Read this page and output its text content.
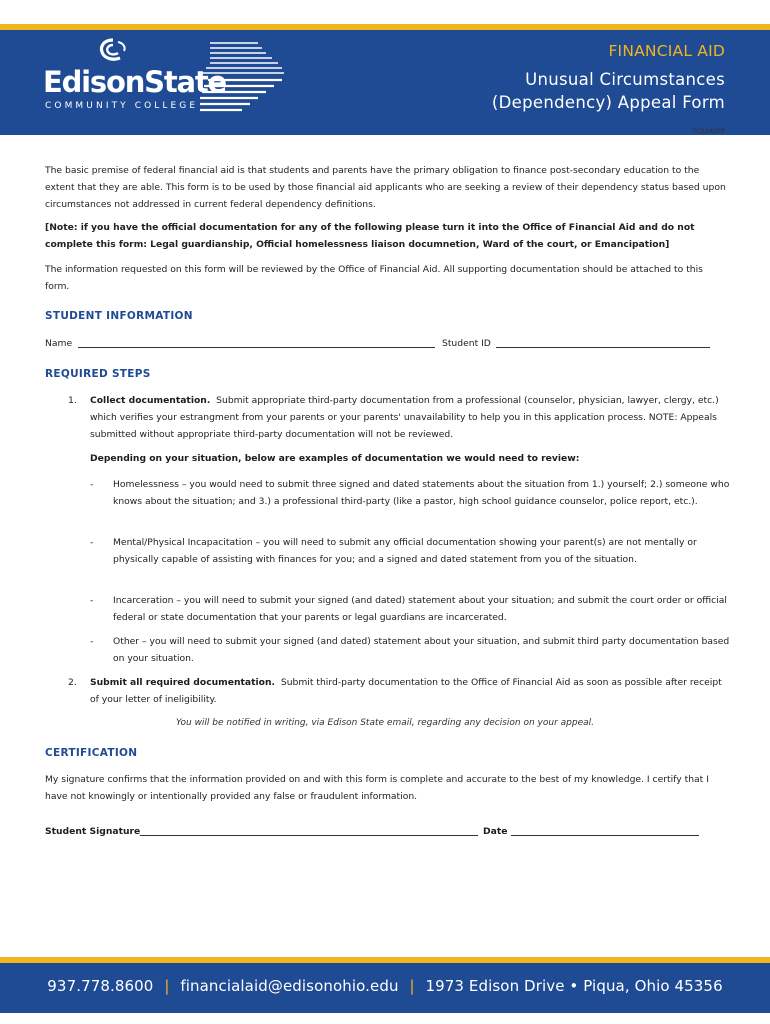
EdisonState
COMMUNITY COLLEGE
FINANCIAL AID
Unusual Circumstances
(Dependency) Appeal Form
FCXXADEP
The basic premise of federal financial aid is that students and parents have the primary obligation to finance post-secondary education to the extent that they are able. This form is to be used by those financial aid applicants who are seeking a review of their dependency status based upon circumstances not addressed in current federal dependency definitions.
[Note: if you have the official documentation for any of the following please turn it into the Office of Financial Aid and do not complete this form: Legal guardianship, Official homelessness liaison documnetion, Ward of the court, or Emancipation]
The information requested on this form will be reviewed by the Office of Financial Aid. All supporting documentation should be attached to this form.
STUDENT INFORMATION
Name	Student ID
REQUIRED STEPS
1. Collect documentation. Submit appropriate third-party documentation from a professional (counselor, physician, lawyer, clergy, etc.) which verifies your estrangment from your parents or your parents' unavailability to help you in this application process. NOTE: Appeals submitted without appropriate third-party documentation will not be reviewed.
Depending on your situation, below are examples of documentation we would need to review:
- Homelessness – you would need to submit three signed and dated statements about the situation from 1.) yourself; 2.) someone who knows about the situation; and 3.) a professional third-party (like a pastor, high school guidance counselor, police report, etc.).
- Mental/Physical Incapacitation – you will need to submit any official documentation showing your parent(s) are not mentally or physically capable of assisting with finances for you; and a signed and dated statement from you of the situation.
- Incarceration – you will need to submit your signed (and dated) statement about your situation; and submit the court order or official federal or state documentation that your parents or legal guardians are incarcerated.
- Other – you will need to submit your signed (and dated) statement about your situation, and submit third party documentation based on your situation.
2. Submit all required documentation. Submit third-party documentation to the Office of Financial Aid as soon as possible after receipt of your letter of ineligibility.
You will be notified in writing, via Edison State email, regarding any decision on your appeal.
CERTIFICATION
My signature confirms that the information provided on and with this form is complete and accurate to the best of my knowledge. I certify that I have not knowingly or intentionally provided any false or fraudulent information.
Student Signature	Date
937.778.8600 | financialaid@edisonohio.edu | 1973 Edison Drive • Piqua, Ohio 45356
